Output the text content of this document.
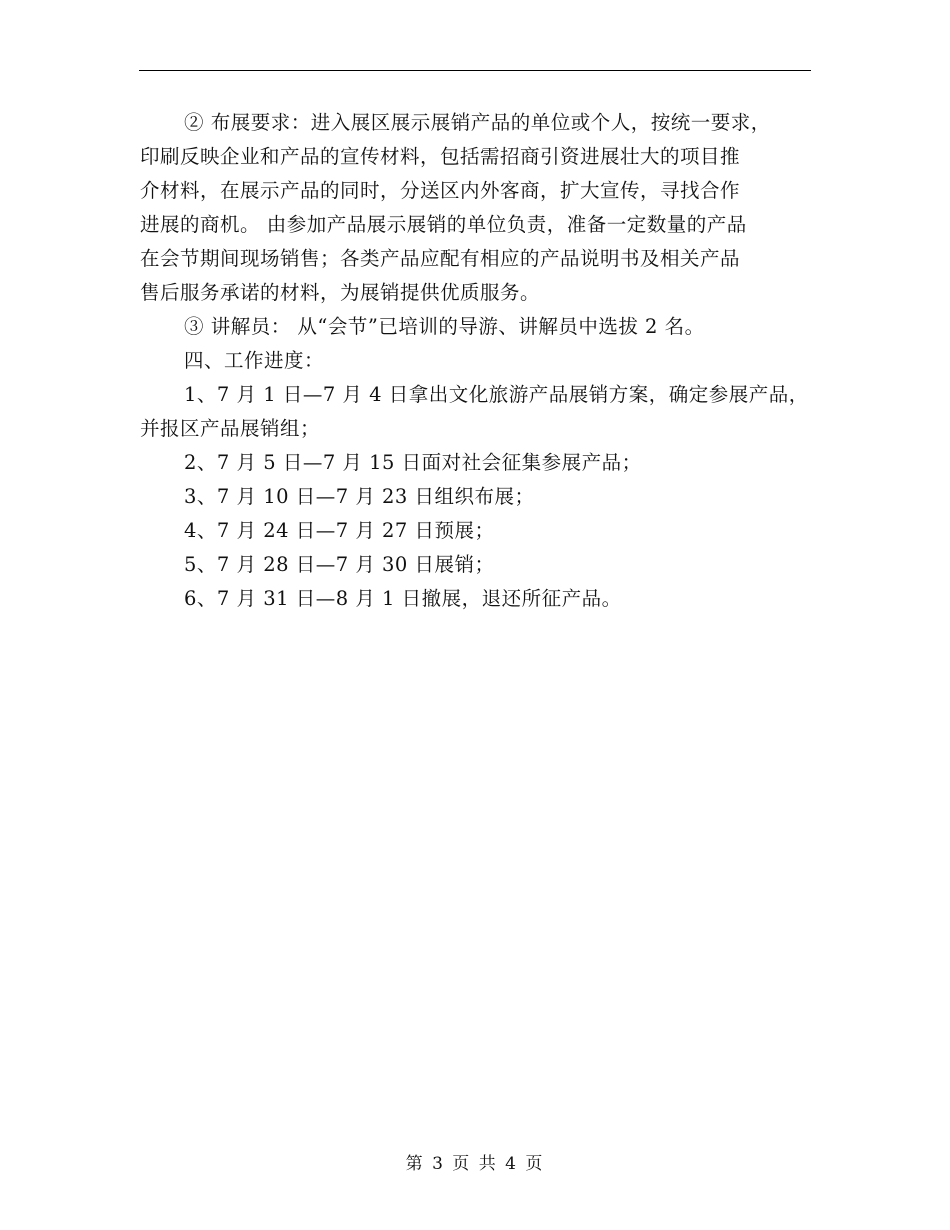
② 布展要求：进入展区展示展销产品的单位或个人，按统一要求，
印刷反映企业和产品的宣传材料，包括需招商引资进展壮大的项目推
介材料，在展示产品的同时，分送区内外客商，扩大宣传，寻找合作
进展的商机。 由参加产品展示展销的单位负责，准备一定数量的产品
在会节期间现场销售；各类产品应配有相应的产品说明书及相关产品
售后服务承诺的材料，为展销提供优质服务。
③ 讲解员： 从“会节”已培训的导游、讲解员中选拔 2 名。
四、工作进度：
1、7 月 1 日—7 月 4 日拿出文化旅游产品展销方案，确定参展产品，
并报区产品展销组；
2、7 月 5 日—7 月 15 日面对社会征集参展产品；
3、7 月 10 日—7 月 23 日组织布展；
4、7 月 24 日—7 月 27 日预展；
5、7 月 28 日—7 月 30 日展销；
6、7 月 31 日—8 月 1 日撤展，退还所征产品。
第 3 页 共 4 页
